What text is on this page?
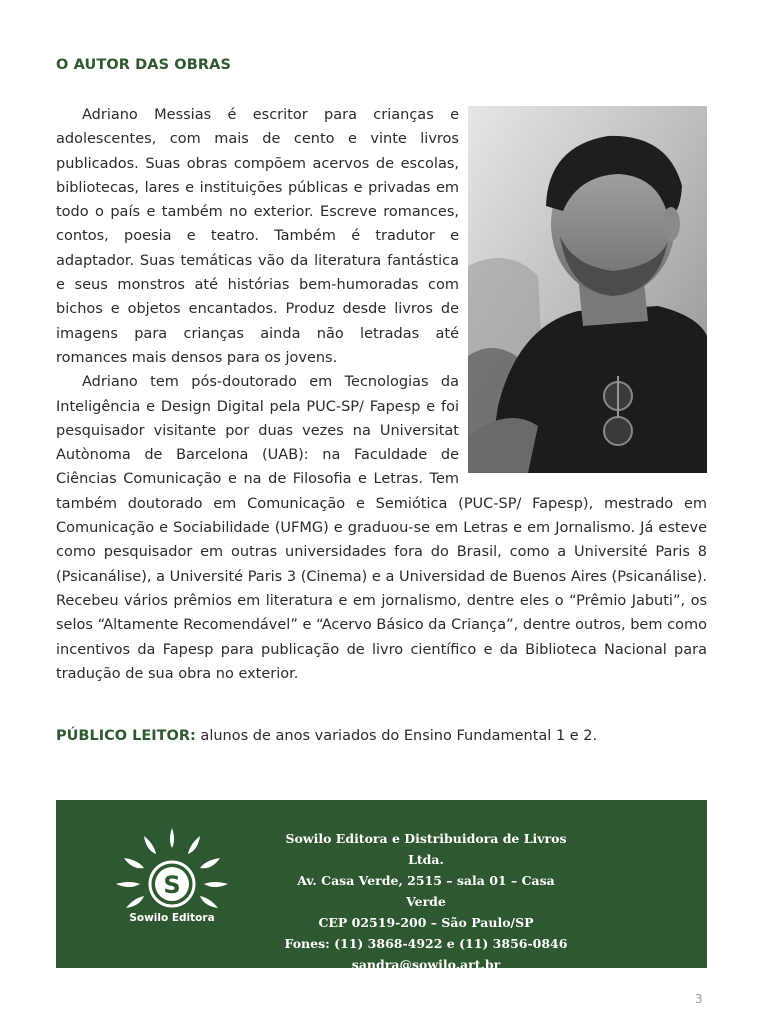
O AUTOR DAS OBRAS

Adriano Messias é escritor para crianças e adolescentes, com mais de cento e vinte livros publicados. Suas obras compõem acervos de escolas, bibliotecas, lares e instituições públicas e privadas em todo o país e também no exterior. Escreve romances, contos, poesia e teatro. Também é tradutor e adaptador. Suas temáticas vão da literatura fantástica e seus monstros até histórias bem-humoradas com bichos e objetos encantados. Produz desde livros de imagens para crianças ainda não letradas até romances mais densos para os jovens.

Adriano tem pós-doutorado em Tecnologias da Inteligência e Design Digital pela PUC-SP/ Fapesp e foi pesquisador visitante por duas vezes na Universitat Autònoma de Barcelona (UAB): na Faculdade de Ciências Comunicação e na de Filosofia e Letras. Tem também doutorado em Comunicação e Semiótica (PUC-SP/ Fapesp), mestrado em Comunicação e Sociabilidade (UFMG) e graduou-se em Letras e em Jornalismo. Já esteve como pesquisador em outras universidades fora do Brasil, como a Université Paris 8 (Psicanálise), a Université Paris 3 (Cinema) e a Universidad de Buenos Aires (Psicanálise). Recebeu vários prêmios em literatura e em jornalismo, dentre eles o “Prêmio Jabuti”, os selos “Altamente Recomendável” e “Acervo Básico da Criança”, dentre outros, bem como incentivos da Fapesp para publicação de livro científico e da Biblioteca Nacional para tradução de sua obra no exterior.

PÚBLICO LEITOR: alunos de anos variados do Ensino Fundamental 1 e 2.
S
Sowilo Editora
Sowilo Editora e Distribuidora de Livros Ltda.
Av. Casa Verde, 2515 – sala 01 – Casa Verde
CEP 02519-200 – São Paulo/SP
Fones: (11) 3868-4922 e (11) 3856-0846
sandra@sowilo.art.br
3
